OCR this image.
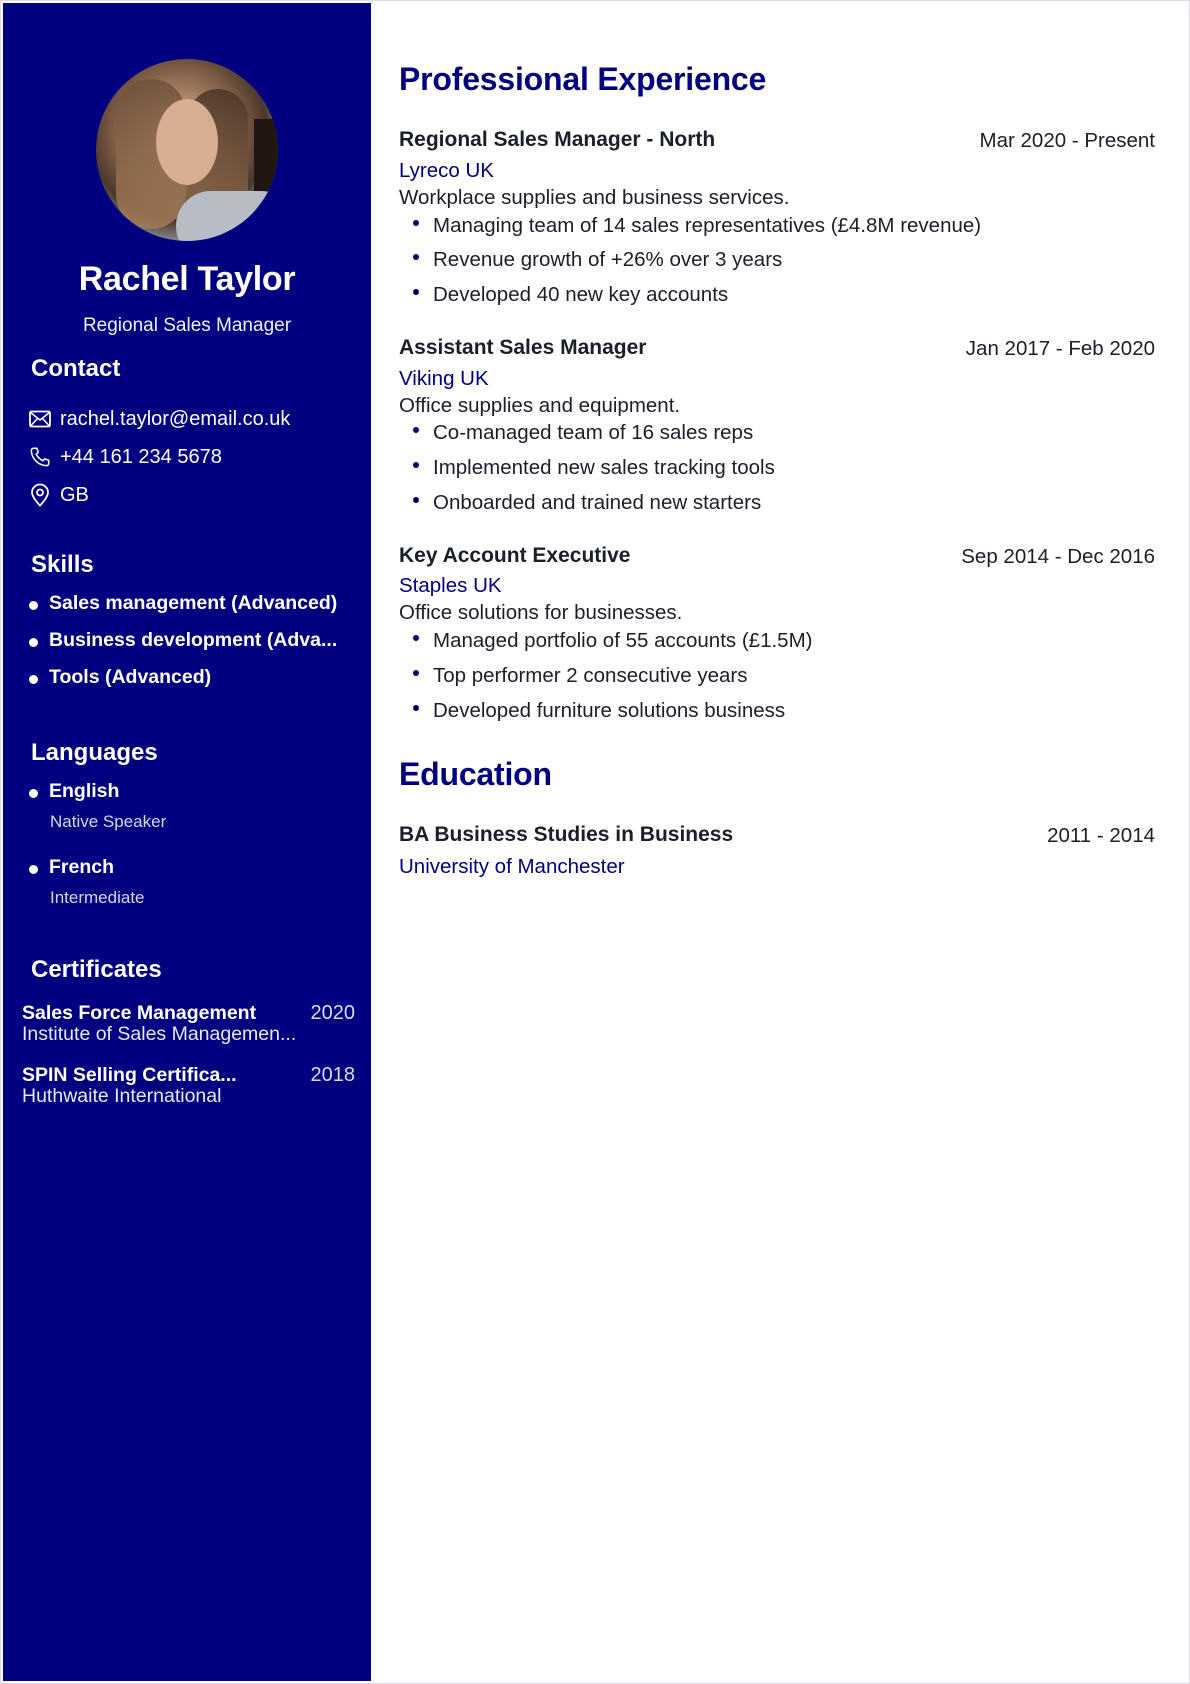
Rachel Taylor
Regional Sales Manager
Contact
rachel.taylor@email.co.uk
+44 161 234 5678
GB
Skills
Sales management (Advanced)
Business development (Adva...
Tools (Advanced)
Languages
English
Native Speaker
French
Intermediate
Certificates
Sales Force Management	2020
Institute of Sales Managemen...
SPIN Selling Certifica...	2018
Huthwaite International
Professional Experience
Regional Sales Manager - North	Mar 2020 - Present
Lyreco UK
Workplace supplies and business services.
Managing team of 14 sales representatives (£4.8M revenue)
Revenue growth of +26% over 3 years
Developed 40 new key accounts
Assistant Sales Manager	Jan 2017 - Feb 2020
Viking UK
Office supplies and equipment.
Co-managed team of 16 sales reps
Implemented new sales tracking tools
Onboarded and trained new starters
Key Account Executive	Sep 2014 - Dec 2016
Staples UK
Office solutions for businesses.
Managed portfolio of 55 accounts (£1.5M)
Top performer 2 consecutive years
Developed furniture solutions business
Education
BA Business Studies in Business	2011 - 2014
University of Manchester
